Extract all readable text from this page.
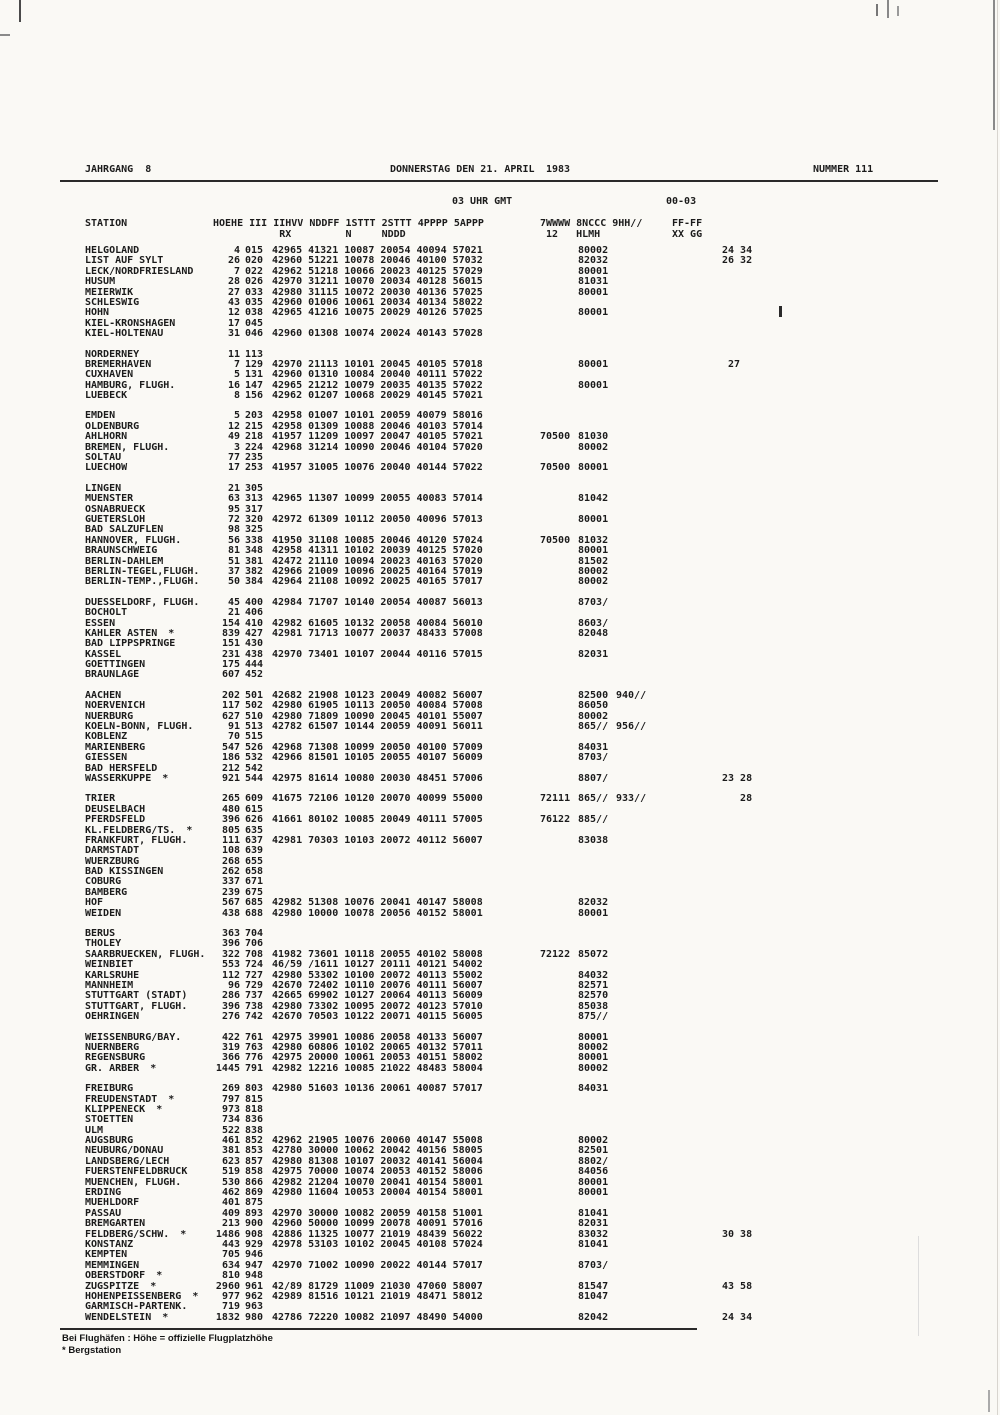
JAHRGANG  8	DONNERSTAG DEN 21. APRIL 1983	NUMMER 111
03 UHR GMT	00-03
STATION	HOEHE III IIHVV NDDFF 1STTT 2STTT 4PPPP 5APPP	7WWWW 8NCCC 9HH//	FF-FF
RX         N     NDDD	12   HLMH	XX GG
HELGOLAND	4 015 42965 41321 10087 20054 40094 57021	80002	24 34
LIST AUF SYLT	26 020 42960 51221 10078 20046 40100 57032	82032	26 32
LECK/NORDFRIESLAND	7 022 42962 51218 10066 20023 40125 57029	80001
HUSUM	28 026 42970 31211 10070 20034 40128 56015	81031
MEIERWIK	27 033 42980 31115 10072 20030 40136 57025	80001
SCHLESWIG	43 035 42960 01006 10061 20034 40134 58022
HOHN	12 038 42965 41216 10075 20029 40126 57025	80001
KIEL-KRONSHAGEN	17 045
KIEL-HOLTENAU	31 046 42960 01308 10074 20024 40143 57028
NORDERNEY	11 113
BREMERHAVEN	7 129 42970 21113 10101 20045 40105 57018	80001	27
CUXHAVEN	5 131 42960 01310 10084 20040 40111 57022
HAMBURG, FLUGH.	16 147 42965 21212 10079 20035 40135 57022	80001
LUEBECK	8 156 42962 01207 10068 20029 40145 57021
EMDEN	5 203 42958 01007 10101 20059 40079 58016
OLDENBURG	12 215 42958 01309 10088 20046 40103 57014
AHLHORN	49 218 41957 11209 10097 20047 40105 57021	70500 81030
BREMEN, FLUGH.	3 224 42968 31214 10090 20046 40104 57020	80002
SOLTAU	77 235
LUECHOW	17 253 41957 31005 10076 20040 40144 57022	70500 80001
LINGEN	21 305
MUENSTER	63 313 42965 11307 10099 20055 40083 57014	81042
OSNABRUECK	95 317
GUETERSLOH	72 320 42972 61309 10112 20050 40096 57013	80001
BAD SALZUFLEN	98 325
HANNOVER, FLUGH.	56 338 41950 31108 10085 20046 40120 57024	70500 81032
BRAUNSCHWEIG	81 348 42958 41311 10102 20039 40125 57020	80001
BERLIN-DAHLEM	51 381 42472 21110 10094 20023 40163 57020	81502
BERLIN-TEGEL,FLUGH.	37 382 42966 21009 10096 20025 40164 57019	80002
BERLIN-TEMP.,FLUGH.	50 384 42964 21108 10092 20025 40165 57017	80002
DUESSELDORF, FLUGH.	45 400 42984 71707 10140 20054 40087 56013	8703/
BOCHOLT	21 406
ESSEN	154 410 42982 61605 10132 20058 40084 56010	8603/
KAHLER ASTEN *	839 427 42981 71713 10077 20037 48433 57008	82048
BAD LIPPSPRINGE	151 430
KASSEL	231 438 42970 73401 10107 20044 40116 57015	82031
GOETTINGEN	175 444
BRAUNLAGE	607 452
AACHEN	202 501 42682 21908 10123 20049 40082 56007	82500 940//
NOERVENICH	117 502 42980 61905 10113 20050 40084 57008	86050
NUERBURG	627 510 42980 71809 10090 20045 40101 55007	80002
KOELN-BONN, FLUGH.	91 513 42782 61507 10144 20059 40091 56011	865// 956//
KOBLENZ	70 515
MARIENBERG	547 526 42968 71308 10099 20050 40100 57009	84031
GIESSEN	186 532 42966 81501 10105 20055 40107 56009	8703/
BAD HERSFELD	212 542
WASSERKUPPE *	921 544 42975 81614 10080 20030 48451 57006	8807/	23 28
TRIER	265 609 41675 72106 10120 20070 40099 55000	72111 865// 933//	28
DEUSELBACH	480 615
PFERDSFELD	396 626 41661 80102 10085 20049 40111 57005	76122 885//
KL.FELDBERG/TS. *	805 635
FRANKFURT, FLUGH.	111 637 42981 70303 10103 20072 40112 56007	83038
DARMSTADT	108 639
WUERZBURG	268 655
BAD KISSINGEN	262 658
COBURG	337 671
BAMBERG	239 675
HOF	567 685 42982 51308 10076 20041 40147 58008	82032
WEIDEN	438 688 42980 10000 10078 20056 40152 58001	80001
BERUS	363 704
THOLEY	396 706
SAARBRUECKEN, FLUGH.	322 708 41982 73601 10118 20055 40102 58008	72122 85072
WEINBIET	553 724 46/59 /1611 10127 20111 40121 54002
KARLSRUHE	112 727 42980 53302 10100 20072 40113 55002	84032
MANNHEIM	96 729 42670 72402 10110 20076 40111 56007	82571
STUTTGART (STADT)	286 737 42665 69902 10127 20064 40113 56009	82570
STUTTGART, FLUGH.	396 738 42980 73302 10095 20072 40123 57010	85038
OEHRINGEN	276 742 42670 70503 10122 20071 40115 56005	875//
WEISSENBURG/BAY.	422 761 42975 39901 10086 20058 40133 56007	80001
NUERNBERG	319 763 42980 60806 10102 20065 40132 57011	80002
REGENSBURG	366 776 42975 20000 10061 20053 40151 58002	80001
GR. ARBER *	1445 791 42982 12216 10085 21022 48483 58004	80002
FREIBURG	269 803 42980 51603 10136 20061 40087 57017	84031
FREUDENSTADT *	797 815
KLIPPENECK *	973 818
STOETTEN	734 836
ULM	522 838
AUGSBURG	461 852 42962 21905 10076 20060 40147 55008	80002
NEUBURG/DONAU	381 853 42780 30000 10062 20042 40156 58005	82501
LANDSBERG/LECH	623 857 42980 81308 10107 20032 40141 56004	8802/
FUERSTENFELDBRUCK	519 858 42975 70000 10074 20053 40152 58006	84056
MUENCHEN, FLUGH.	530 866 42982 21204 10070 20041 40154 58001	80001
ERDING	462 869 42980 11604 10053 20004 40154 58001	80001
MUEHLDORF	401 875
PASSAU	409 893 42970 30000 10082 20059 40158 51001	81041
BREMGARTEN	213 900 42960 50000 10099 20078 40091 57016	82031
FELDBERG/SCHW. *	1486 908 42886 11325 10077 21019 48439 56022	83032	30 38
KONSTANZ	443 929 42978 53103 10102 20045 40108 57024	81041
KEMPTEN	705 946
MEMMINGEN	634 947 42970 71002 10090 20022 40144 57017	8703/
OBERSTDORF *	810 948
ZUGSPITZE *	2960 961 42/89 81729 11009 21030 47060 58007	81547	43 58
HOHENPEISSENBERG *	977 962 42989 81516 10121 21019 48471 58012	81047
GARMISCH-PARTENK.	719 963
WENDELSTEIN *	1832 980 42786 72220 10082 21097 48490 54000	82042	24 34
Bei Flughäfen : Höhe = offizielle Flugplatzhöhe
* Bergstation
